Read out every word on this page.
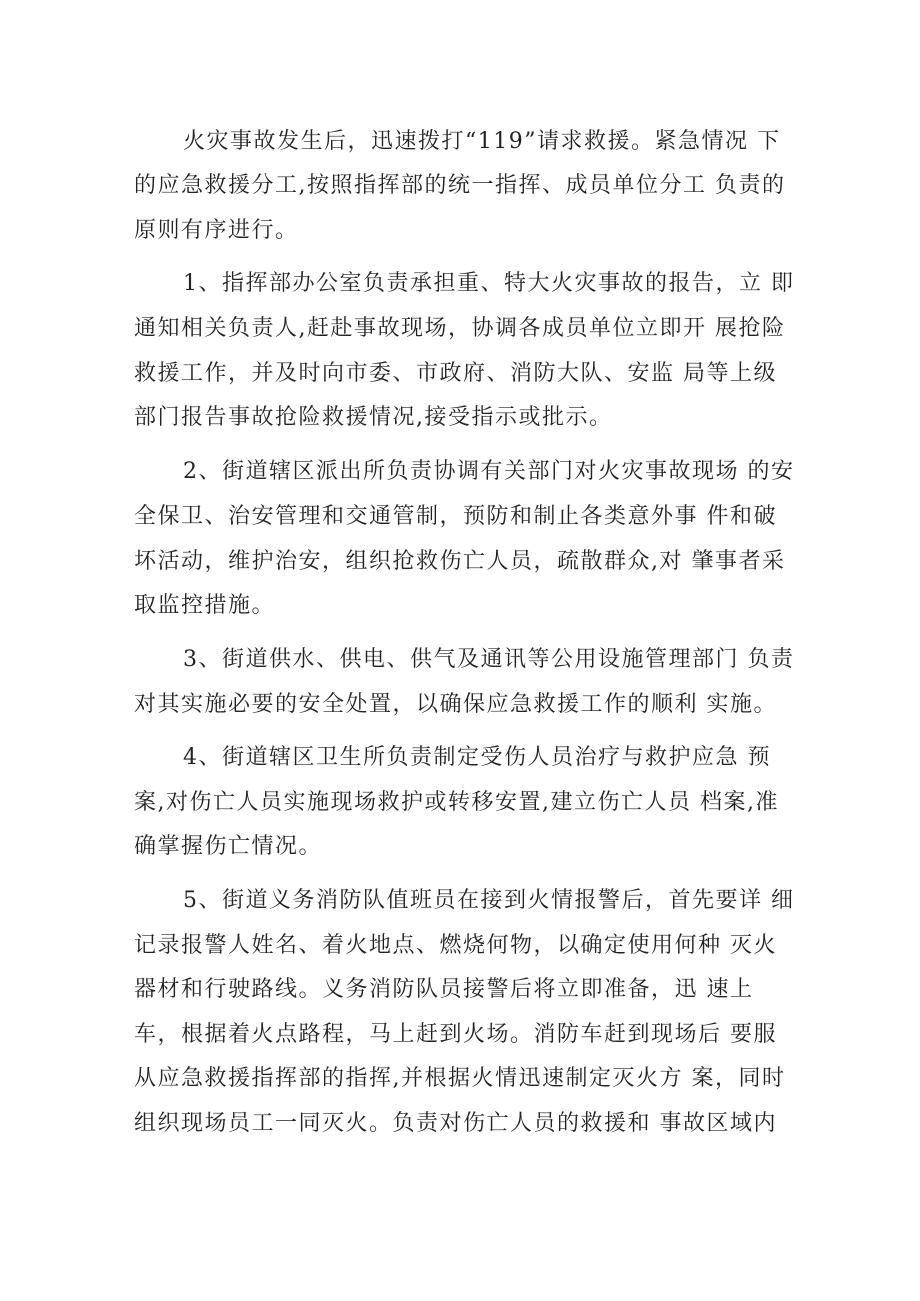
火灾事故发生后，迅速拨打“119”请求救援。紧急情况 下

的应急救援分工,按照指挥部的统一指挥、成员单位分工 负责的

原则有序进行。

1、指挥部办公室负责承担重、特大火灾事故的报告，立 即

通知相关负责人,赶赴事故现场，协调各成员单位立即开 展抢险

救援工作，并及时向市委、市政府、消防大队、安监 局等上级

部门报告事故抢险救援情况,接受指示或批示。

2、街道辖区派出所负责协调有关部门对火灾事故现场 的安

全保卫、治安管理和交通管制，预防和制止各类意外事 件和破

坏活动，维护治安，组织抢救伤亡人员，疏散群众,对 肇事者采

取监控措施。

3、街道供水、供电、供气及通讯等公用设施管理部门 负责

对其实施必要的安全处置，以确保应急救援工作的顺利 实施。

4、街道辖区卫生所负责制定受伤人员治疗与救护应急 预

案,对伤亡人员实施现场救护或转移安置,建立伤亡人员 档案,准

确掌握伤亡情况。

5、街道义务消防队值班员在接到火情报警后，首先要详 细

记录报警人姓名、着火地点、燃烧何物，以确定使用何种 灭火

器材和行驶路线。义务消防队员接警后将立即准备，迅 速上

车，根据着火点路程，马上赶到火场。消防车赶到现场后 要服

从应急救援指挥部的指挥,并根据火情迅速制定灭火方 案，同时

组织现场员工一同灭火。负责对伤亡人员的救援和 事故区域内
